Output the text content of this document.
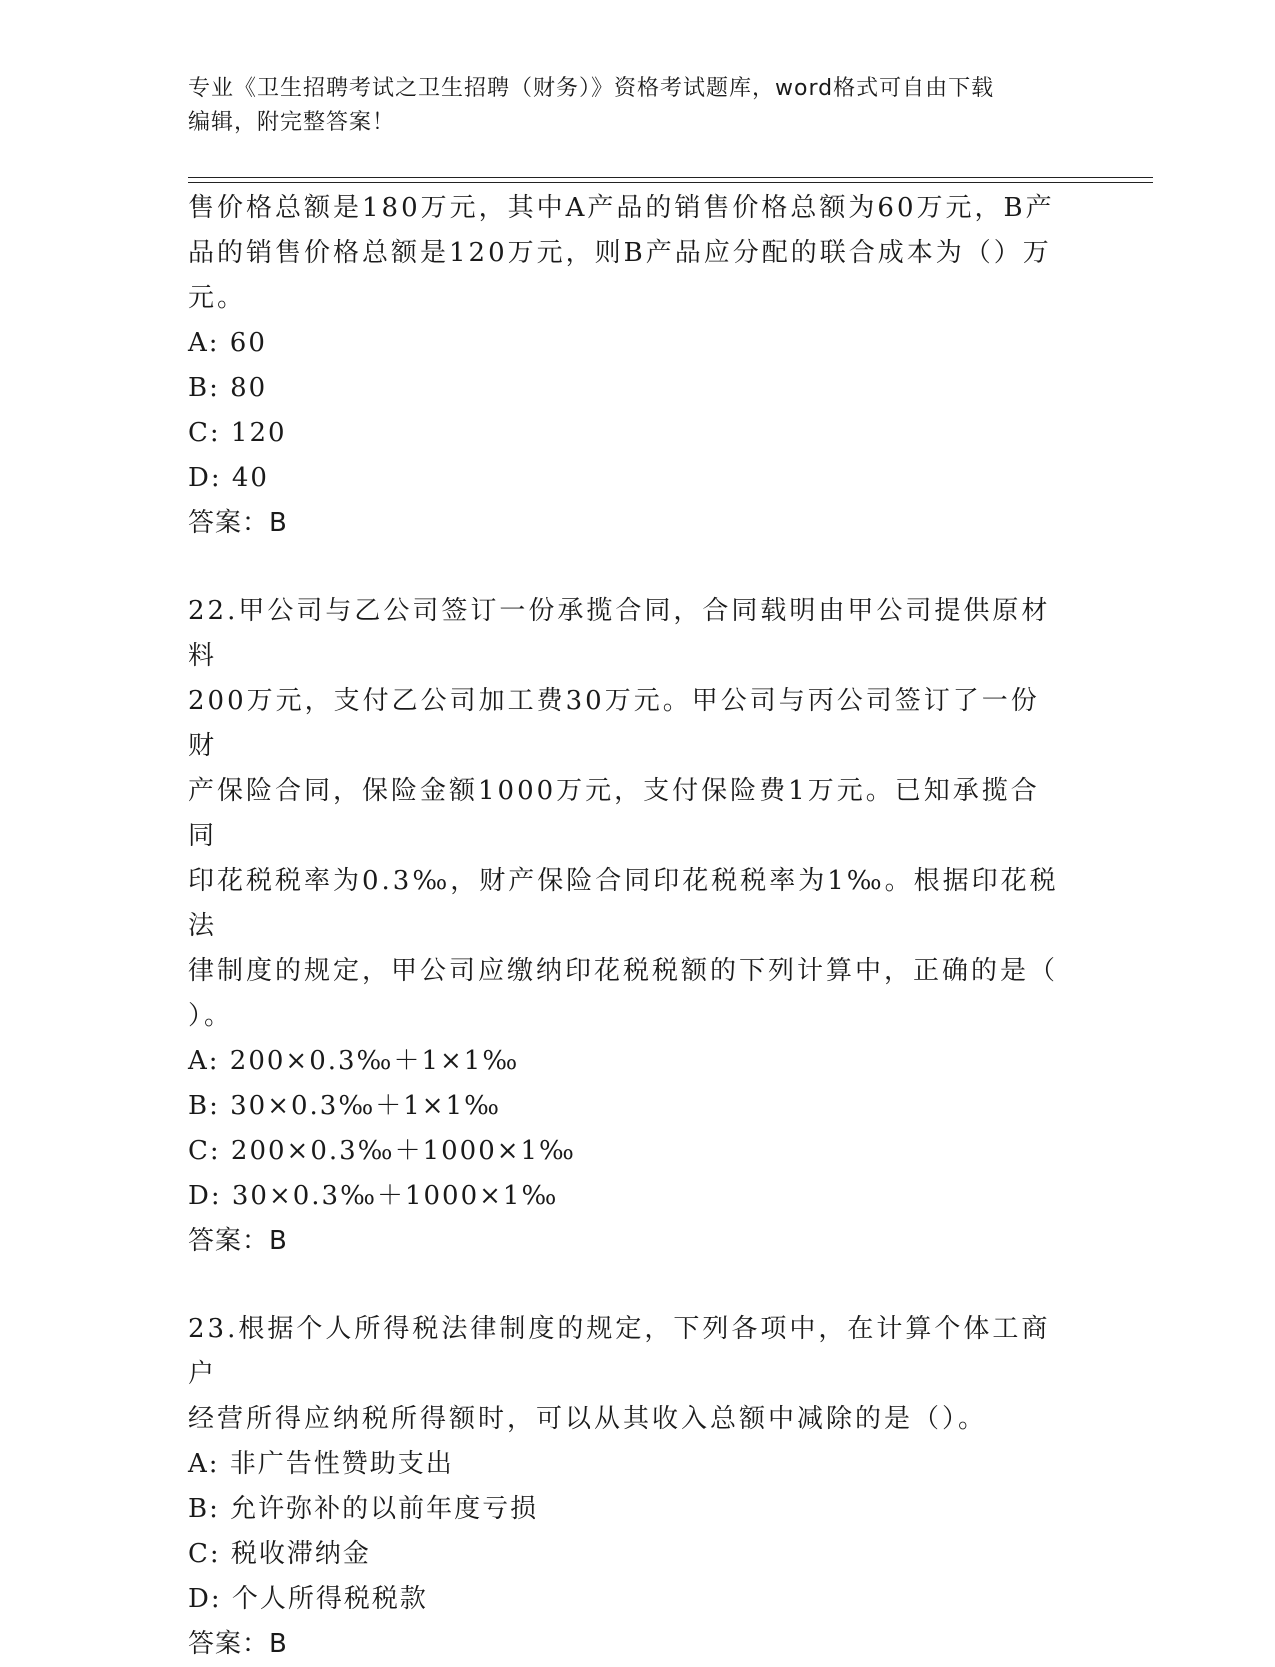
专业《卫生招聘考试之卫生招聘（财务）》资格考试题库，word格式可自由下载
编辑，附完整答案！

售价格总额是180万元，其中A产品的销售价格总额为60万元，B产

品的销售价格总额是120万元，则B产品应分配的联合成本为（）万

元。

A: 60

B: 80

C: 120

D: 40

答案：B

22.甲公司与乙公司签订一份承揽合同，合同载明由甲公司提供原材料

200万元，支付乙公司加工费30万元。甲公司与丙公司签订了一份财

产保险合同，保险金额1000万元，支付保险费1万元。已知承揽合同

印花税税率为0.3‰，财产保险合同印花税税率为1‰。根据印花税法

律制度的规定，甲公司应缴纳印花税税额的下列计算中，正确的是（

）。

A: 200×0.3‰＋1×1‰

B: 30×0.3‰＋1×1‰

C: 200×0.3‰＋1000×1‰

D: 30×0.3‰＋1000×1‰

答案：B

23.根据个人所得税法律制度的规定，下列各项中，在计算个体工商户

经营所得应纳税所得额时，可以从其收入总额中减除的是（）。

A: 非广告性赞助支出

B: 允许弥补的以前年度亏损

C: 税收滞纳金

D: 个人所得税税款

答案：B
